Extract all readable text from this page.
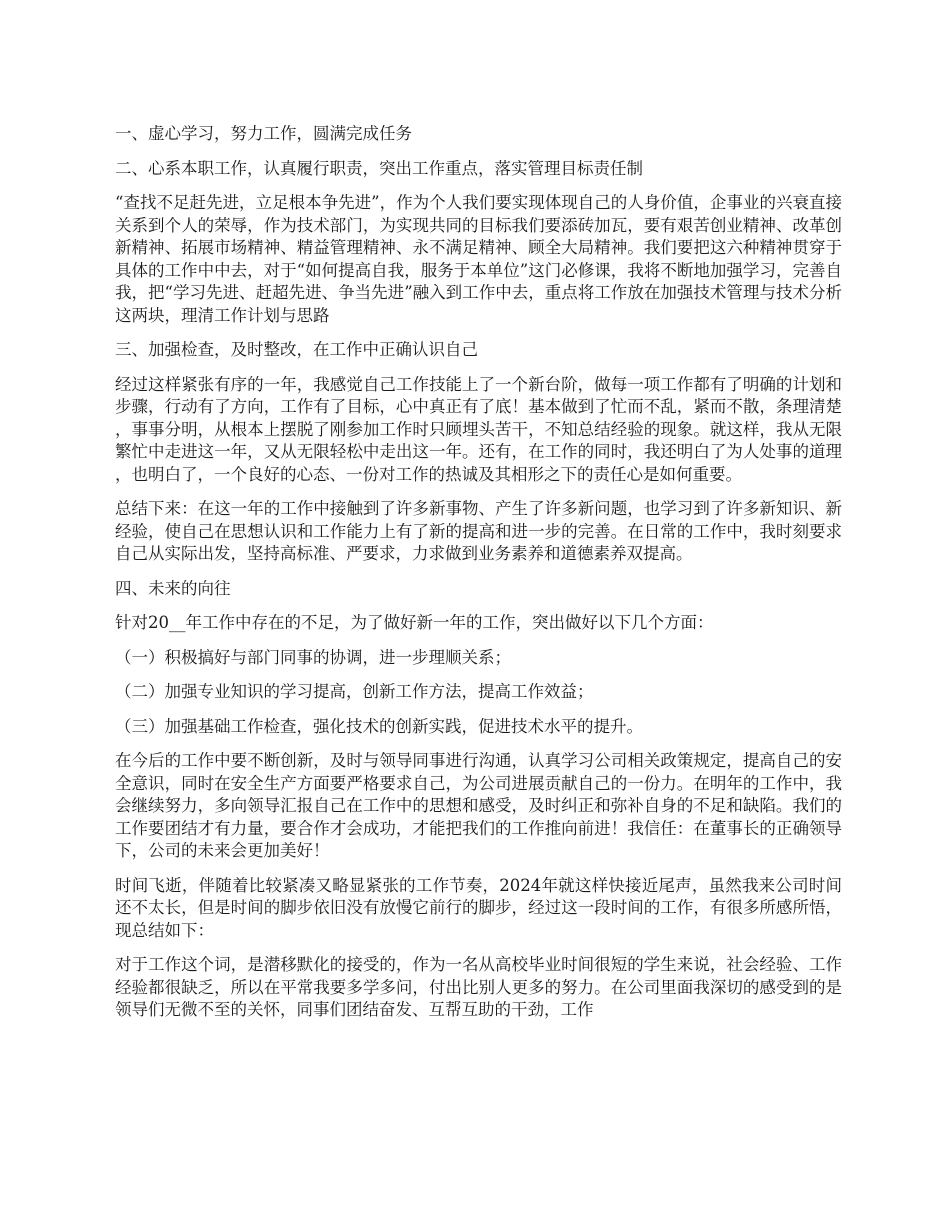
一、虚心学习，努力工作，圆满完成任务

二、心系本职工作，认真履行职责，突出工作重点，落实管理目标责任制

“查找不足赶先进，立足根本争先进”，作为个人我们要实现体现自己的人身价值，企事业的兴衰直接关系到个人的荣辱，作为技术部门，为实现共同的目标我们要添砖加瓦，要有艰苦创业精神、改革创新精神、拓展市场精神、精益管理精神、永不满足精神、顾全大局精神。我们要把这六种精神贯穿于具体的工作中中去，对于“如何提高自我，服务于本单位”这门必修课，我将不断地加强学习，完善自我，把“学习先进、赶超先进、争当先进”融入到工作中去，重点将工作放在加强技术管理与技术分析这两块，理清工作计划与思路

三、加强检查，及时整改，在工作中正确认识自己

经过这样紧张有序的一年，我感觉自己工作技能上了一个新台阶，做每一项工作都有了明确的计划和步骤，行动有了方向，工作有了目标，心中真正有了底！基本做到了忙而不乱，紧而不散，条理清楚，事事分明，从根本上摆脱了刚参加工作时只顾埋头苦干，不知总结经验的现象。就这样，我从无限繁忙中走进这一年，又从无限轻松中走出这一年。还有，在工作的同时，我还明白了为人处事的道理，也明白了，一个良好的心态、一份对工作的热诚及其相形之下的责任心是如何重要。

总结下来：在这一年的工作中接触到了许多新事物、产生了许多新问题，也学习到了许多新知识、新经验，使自己在思想认识和工作能力上有了新的提高和进一步的完善。在日常的工作中，我时刻要求自己从实际出发，坚持高标准、严要求，力求做到业务素养和道德素养双提高。

四、未来的向往

针对20__年工作中存在的不足，为了做好新一年的工作，突出做好以下几个方面：

（一）积极搞好与部门同事的协调，进一步理顺关系；

（二）加强专业知识的学习提高，创新工作方法，提高工作效益；

（三）加强基础工作检查，强化技术的创新实践，促进技术水平的提升。

在今后的工作中要不断创新，及时与领导同事进行沟通，认真学习公司相关政策规定，提高自己的安全意识，同时在安全生产方面要严格要求自己，为公司进展贡献自己的一份力。在明年的工作中，我会继续努力，多向领导汇报自己在工作中的思想和感受，及时纠正和弥补自身的不足和缺陷。我们的工作要团结才有力量，要合作才会成功，才能把我们的工作推向前进！我信任：在董事长的正确领导下，公司的未来会更加美好！

时间飞逝，伴随着比较紧凑又略显紧张的工作节奏，2024年就这样快接近尾声，虽然我来公司时间还不太长，但是时间的脚步依旧没有放慢它前行的脚步，经过这一段时间的工作，有很多所感所悟，现总结如下：

对于工作这个词，是潜移默化的接受的，作为一名从高校毕业时间很短的学生来说，社会经验、工作经验都很缺乏，所以在平常我要多学多问，付出比别人更多的努力。在公司里面我深切的感受到的是领导们无微不至的关怀，同事们团结奋发、互帮互助的干劲，工作
